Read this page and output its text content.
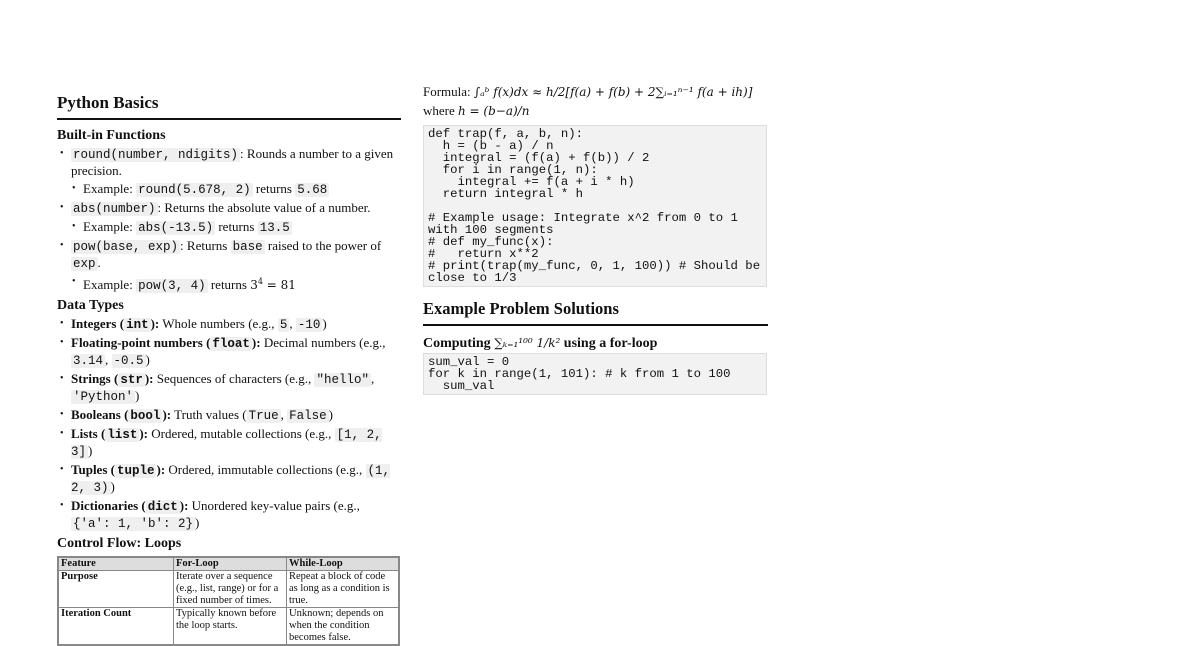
Python Basics
Built-in Functions
• round(number, ndigits) : Rounds a number to a given precision.
• Example: round(5.678, 2) returns 5.68
• abs(number) : Returns the absolute value of a number.
• Example: abs(-13.5) returns 13.5
• pow(base, exp) : Returns base raised to the power of exp .
• Example: pow(3, 4) returns $3^4 = 81$
Data Types
• Integers ( int ): Whole numbers (e.g., 5 , -10 )
• Floating-point numbers ( float ): Decimal numbers (e.g., 3.14 , -0.5 )
• Strings ( str ): Sequences of characters (e.g., "hello" , 'Python' )
• Booleans ( bool ): Truth values ( True , False )
• Lists ( list ): Ordered, mutable collections (e.g., [1, 2, 3] )
• Tuples ( tuple ): Ordered, immutable collections (e.g., (1, 2, 3) )
• Dictionaries ( dict ): Unordered key-value pairs (e.g., {'a': 1, 'b': 2} )
Control Flow: Loops
Feature	For-Loop	While-Loop
Purpose	Iterate over a sequence (e.g., list, range) or for a fixed number of times.	Repeat a block of code as long as a condition is true.
Iteration Count	Typically known before the loop starts.	Unknown; depends on when the condition becomes false.
Formula: ∫ₐᵇ f(x)dx ≈ h/2[f(a) + f(b) + 2∑ᵢ₌₁ⁿ⁻¹ f(a + ih)]
where h = (b−a)/n
def trap(f, a, b, n):
h = (b - a) / n
integral = (f(a) + f(b)) / 2
for i in range(1, n):
integral += f(a + i * h)
return integral * h

# Example usage: Integrate x^2 from 0 to 1 with 100 segments
# def my_func(x):
#   return x**2
# print(trap(my_func, 0, 1, 100)) # Should be close to 1/3
Example Problem Solutions
Computing ∑ₖ₌₁¹⁰⁰ 1/k² using a for-loop
sum_val = 0
for k in range(1, 101): # k from 1 to 100
sum_val
